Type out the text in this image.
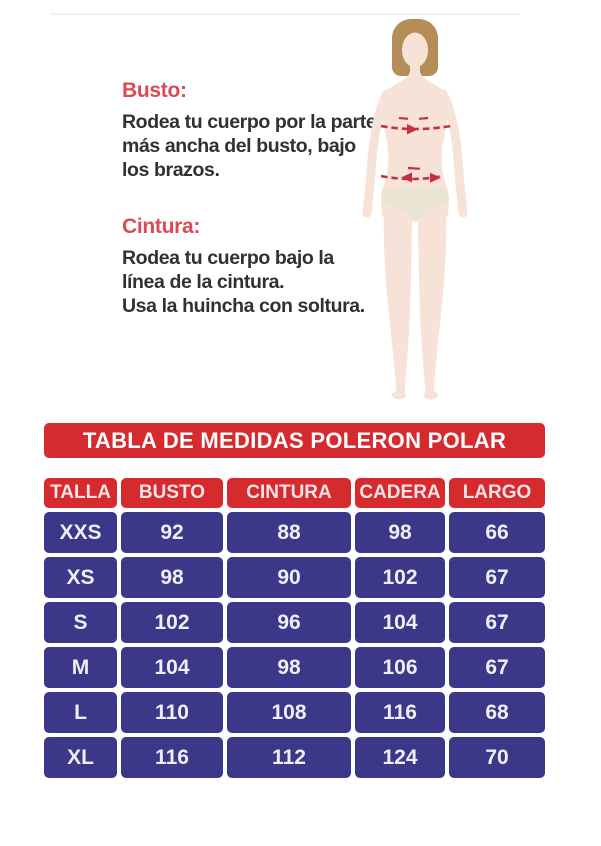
Busto:
Rodea tu cuerpo por la parte
más ancha del busto, bajo
los brazos.
Cintura:
Rodea tu cuerpo bajo la
línea de la cintura.
Usa la huincha con soltura.
TABLA DE MEDIDAS POLERON POLAR
TALLA	BUSTO	CINTURA	CADERA	LARGO
XXS	92	88	98	66
XS	98	90	102	67
S	102	96	104	67
M	104	98	106	67
L	110	108	116	68
XL	116	112	124	70
